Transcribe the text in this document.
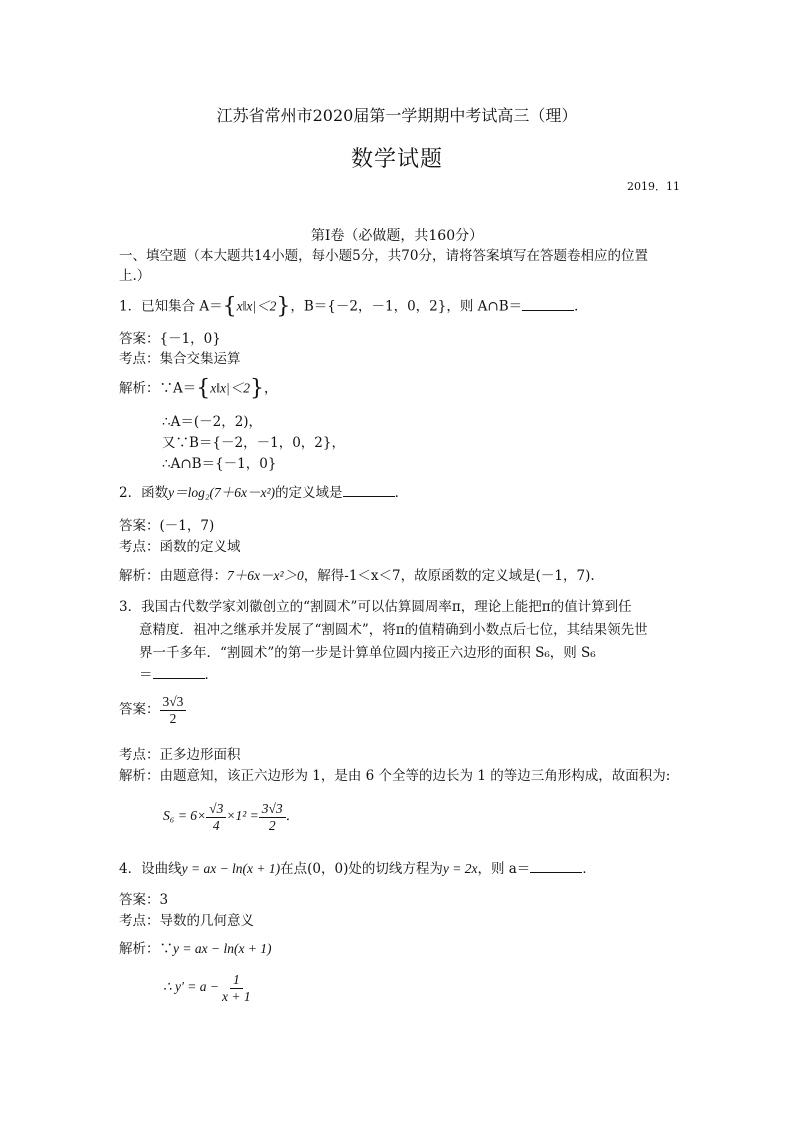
江苏省常州市2020届第一学期期中考试高三（理）
数学试题
2019．11
第Ⅰ卷（必做题，共160分）
一、填空题（本大题共14小题，每小题5分，共70分，请将答案填写在答题卷相应的位置
上.）
1．已知集合 A＝{x‖x|＜2}，B＝{－2，－1，0，2}，则 A∩B＝	．
答案：{－1，0}
考点：集合交集运算
解析：∵A＝{x‖x|＜2}，
∴A＝(－2，2)，
又∵B＝{－2，－1，0，2}，
∴A∩B＝{－1，0}
2．函数y＝log₂(7＋6x－x²)的定义域是	．
答案：(－1，7)
考点：函数的定义域
解析：由题意得：7＋6x－x²＞0，解得-1＜x＜7，故原函数的定义域是(－1，7).
3．我国古代数学家刘徽创立的“割圆术”可以估算圆周率π，理论上能把π的值计算到任
意精度．祖冲之继承并发展了“割圆术”，将π的值精确到小数点后七位，其结果领先世
界一千多年．“割圆术”的第一步是计算单位圆内接正六边形的面积 S₆，则 S₆
＝	．
答案： $\frac{3√3}{2}$
考点：正多边形面积
解析：由题意知，该正六边形为 1，是由 6 个全等的边长为 1 的等边三角形构成，故面积为:
$S_6 = 6\times \frac{√3}{4} \times 1^2 = \frac{3√3}{2}$ ．
4．设曲线y = ax − ln(x + 1)在点(0，0)处的切线方程为y = 2x，则 a＝	．
答案：3
考点：导数的几何意义
解析：∵y = ax − ln(x + 1)
∴ $y' = a - \frac{1}{x + 1}$
